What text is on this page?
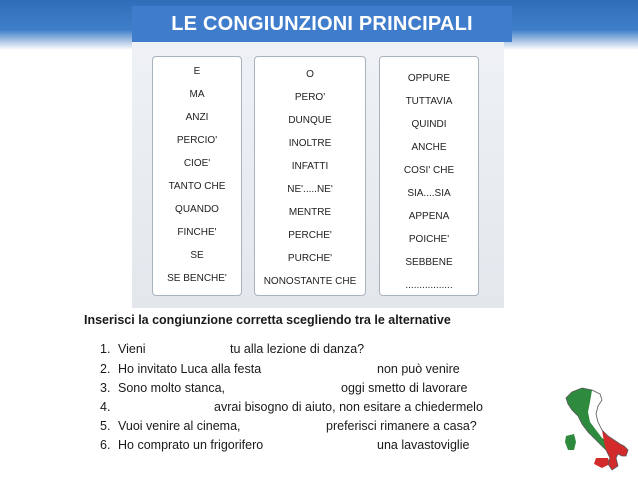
LE CONGIUNZIONI PRINCIPALI
E
MA
ANZI
PERCIO'
CIOE'
TANTO CHE
QUANDO
FINCHE'
SE
SE BENCHE'
O
PERO'
DUNQUE
INOLTRE
INFATTI
NE'.....NE'
MENTRE
PERCHE'
PURCHE'
NONOSTANTE CHE
OPPURE
TUTTAVIA
QUINDI
ANCHE
COSI' CHE
SIA....SIA
APPENA
POICHE'
SEBBENE
.................
Inserisci la congiunzione corretta scegliendo tra le alternative
1. Vieni	tu alla lezione di danza?
2. Ho invitato Luca alla festa	non può venire
3. Sono molto stanca,	oggi smetto di lavorare
4.	avrai bisogno di aiuto, non esitare a chiedermelo
5. Vuoi venire al cinema,	preferisci rimanere a casa?
6. Ho comprato un frigorifero	una lavastoviglie
